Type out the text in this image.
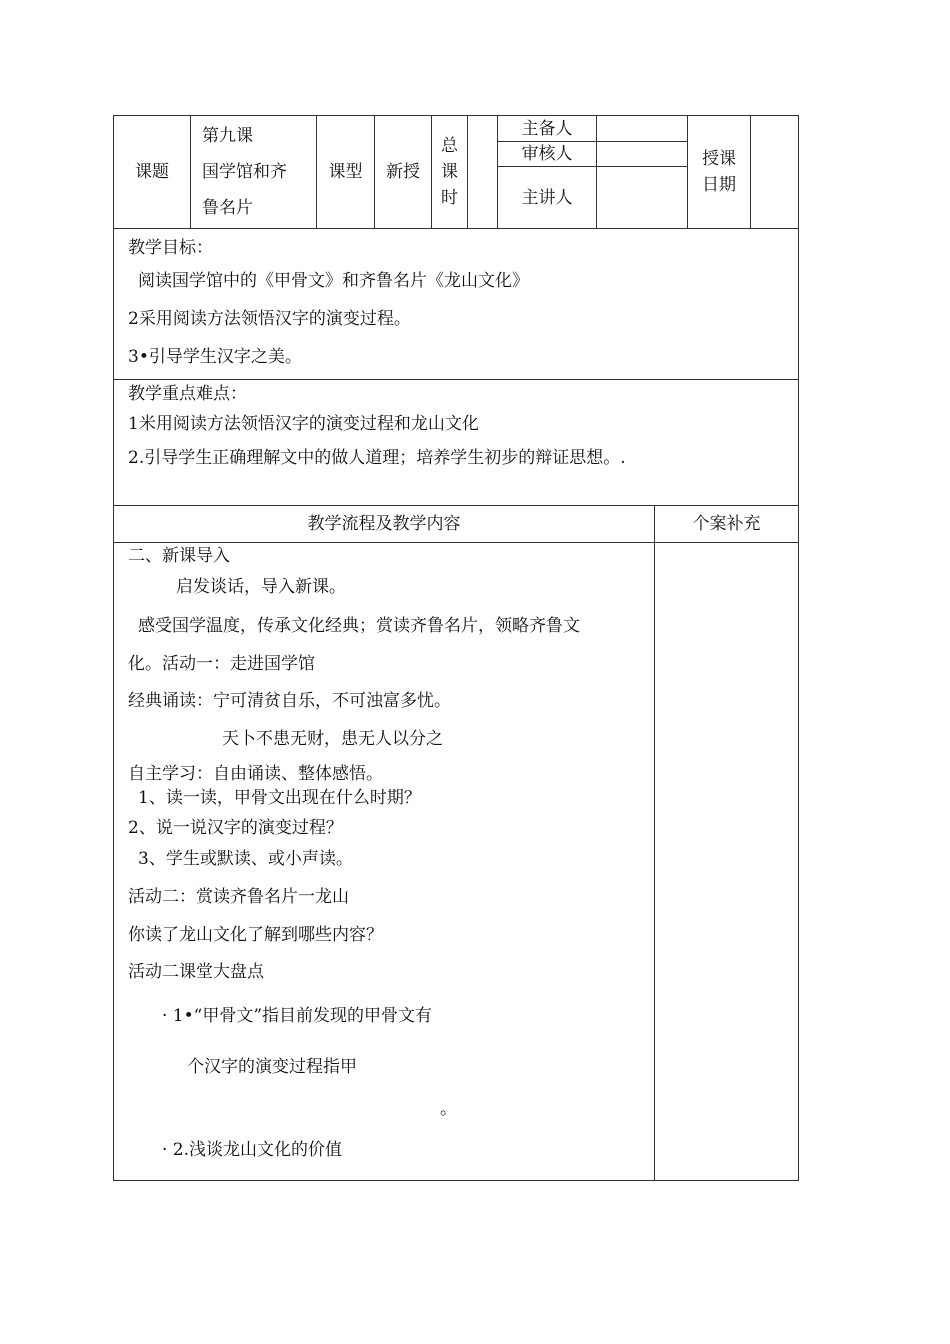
课题
第九课
国学馆和齐
鲁名片
课型	新授
总
课
时
主备人
审核人
主讲人
授课
日期
教学目标：
阅读国学馆中的《甲骨文》和齐鲁名片《龙山文化》
2采用阅读方法领悟汉字的演变过程。
3•引导学生汉字之美。
教学重点难点：
1米用阅读方法领悟汉字的演变过程和龙山文化
2.引导学生正确理解文中的做人道理；培养学生初步的辩证思想。.
教学流程及教学内容	个案补充
二、新课导入
启发谈话，导入新课。
感受国学温度，传承文化经典；赏读齐鲁名片，领略齐鲁文
化。活动一：走进国学馆
经典诵读：宁可清贫自乐，不可浊富多忧。
天卜不患无财，患无人以分之
自主学习：自由诵读、整体感悟。
1、读一读，甲骨文出现在什么时期？
2、说一说汉字的演变过程？
3、学生或默读、或小声读。
活动二：赏读齐鲁名片一龙山
你读了龙山文化了解到哪些内容？
活动二课堂大盘点
· 1•“甲骨文”指目前发现的甲骨文有
个汉字的演变过程指甲
。
· 2.浅谈龙山文化的价值
